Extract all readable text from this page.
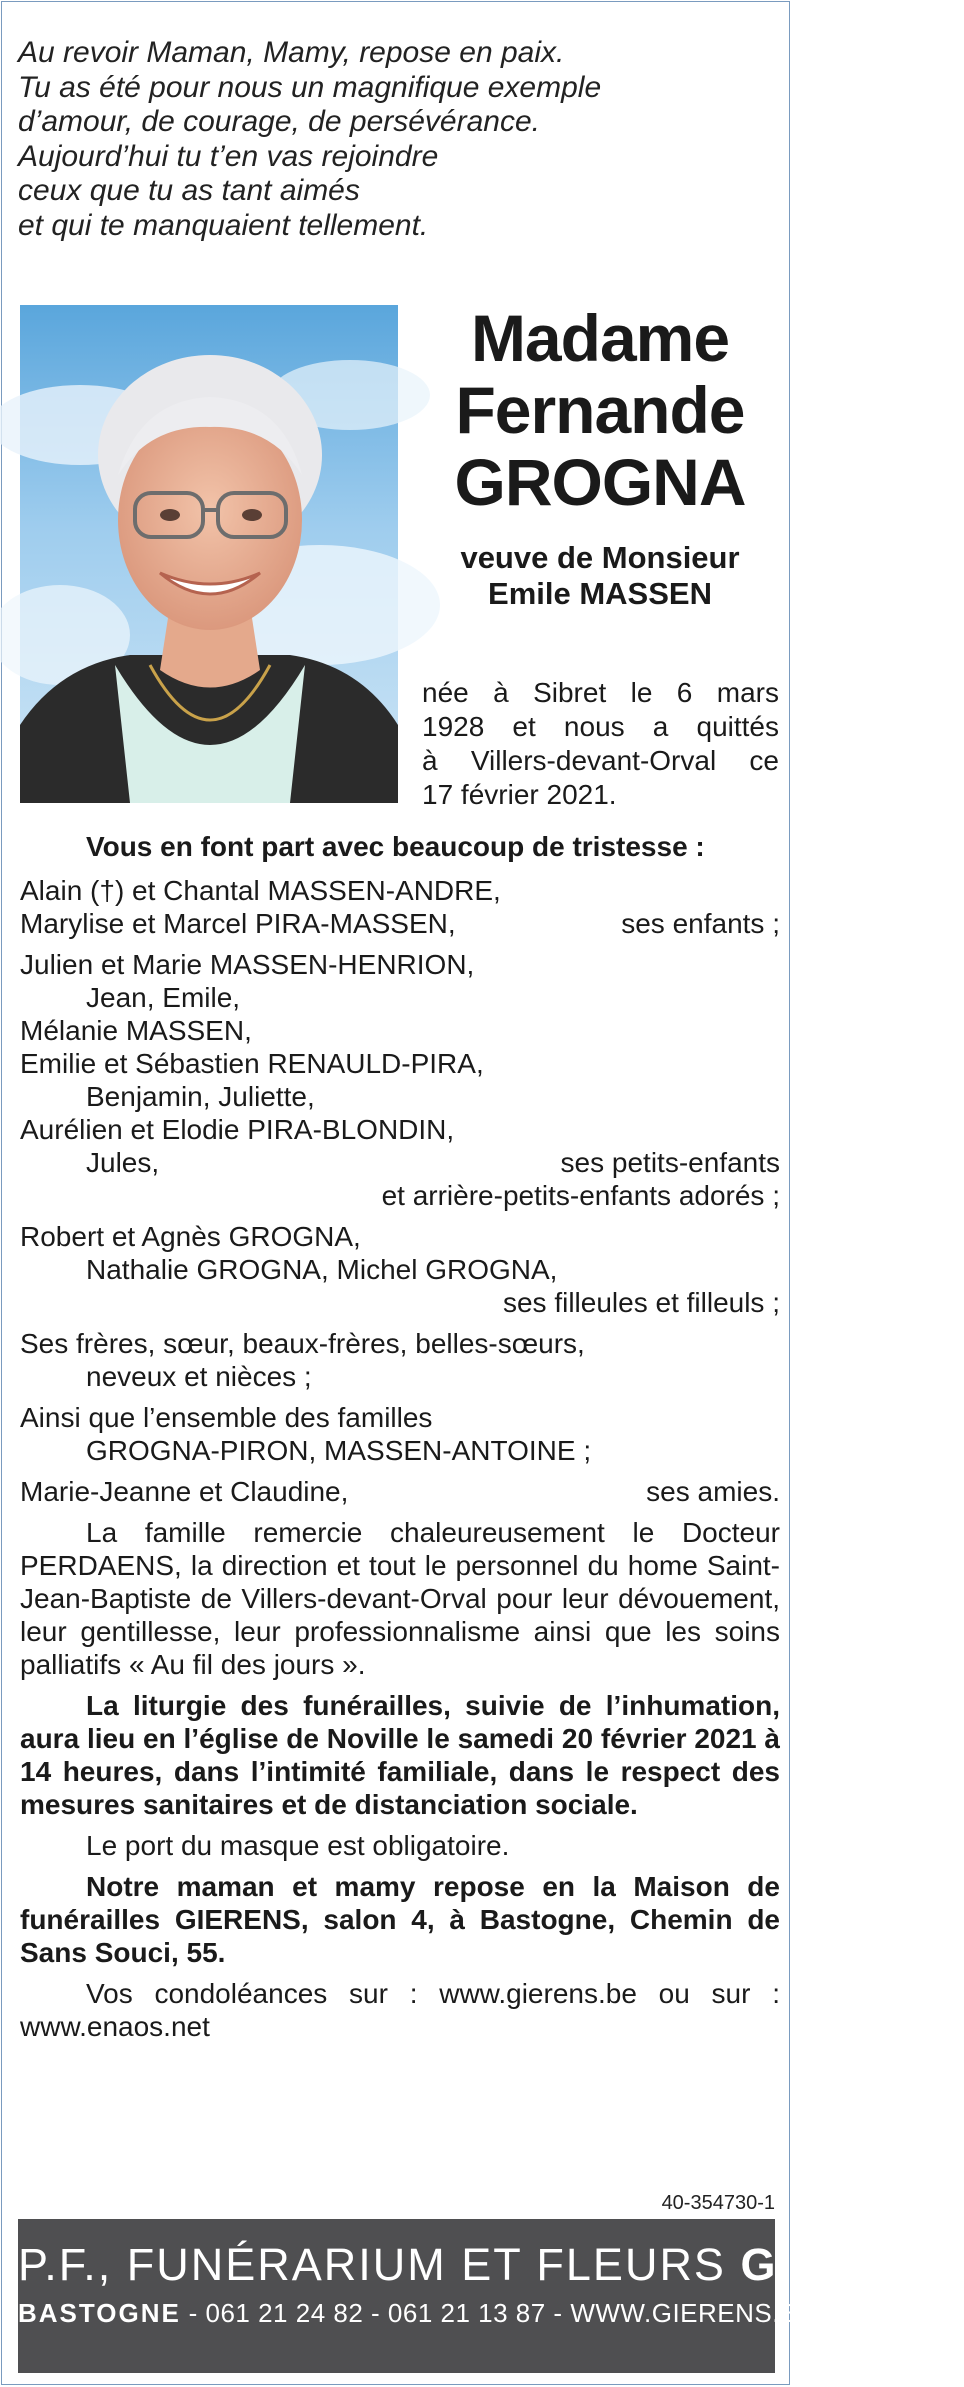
Au revoir Maman, Mamy, repose en paix.
Tu as été pour nous un magnifique exemple
d’amour, de courage, de persévérance.
Aujourd’hui tu t’en vas rejoindre
ceux que tu as tant aimés
et qui te manquaient tellement.
Madame
Fernande
GROGNA
veuve de Monsieur
Emile MASSEN
née à Sibret le 6 mars
1928 et nous a quittés
à Villers-devant-Orval ce
17 février 2021.
Vous en font part avec beaucoup de tristesse :
Alain (†) et Chantal MASSEN-ANDRE,
Marylise et Marcel PIRA-MASSEN,	ses enfants ;
Julien et Marie MASSEN-HENRION,
Jean, Emile,
Mélanie MASSEN,
Emilie et Sébastien RENAULD-PIRA,
Benjamin, Juliette,
Aurélien et Elodie PIRA-BLONDIN,
Jules,	ses petits-enfants
et arrière-petits-enfants adorés ;
Robert et Agnès GROGNA,
Nathalie GROGNA, Michel GROGNA,
ses filleules et filleuls ;
Ses frères, sœur, beaux-frères, belles-sœurs,
neveux et nièces ;
Ainsi que l’ensemble des familles
GROGNA-PIRON, MASSEN-ANTOINE ;
Marie-Jeanne et Claudine,	ses amies.
La famille remercie chaleureusement le Docteur PERDAENS, la direction et tout le personnel du home Saint-Jean-Baptiste de Villers-devant-Orval pour leur dévouement, leur gentillesse, leur professionnalisme ainsi que les soins palliatifs « Au fil des jours ».
La liturgie des funérailles, suivie de l’inhumation, aura lieu en l’église de Noville le samedi 20 février 2021 à 14 heures, dans l’intimité familiale, dans le respect des mesures sanitaires et de distanciation sociale.
Le port du masque est obligatoire.
Notre maman et mamy repose en la Maison de funérailles GIERENS, salon 4, à Bastogne, Chemin de Sans Souci, 55.
Vos condoléances sur : www.gierens.be ou sur : www.enaos.net
40-354730-1
P.F., FUNÉRARIUM ET FLEURS GIERENS
BASTOGNE - 061 21 24 82 - 061 21 13 87 - WWW.GIERENS.BE
